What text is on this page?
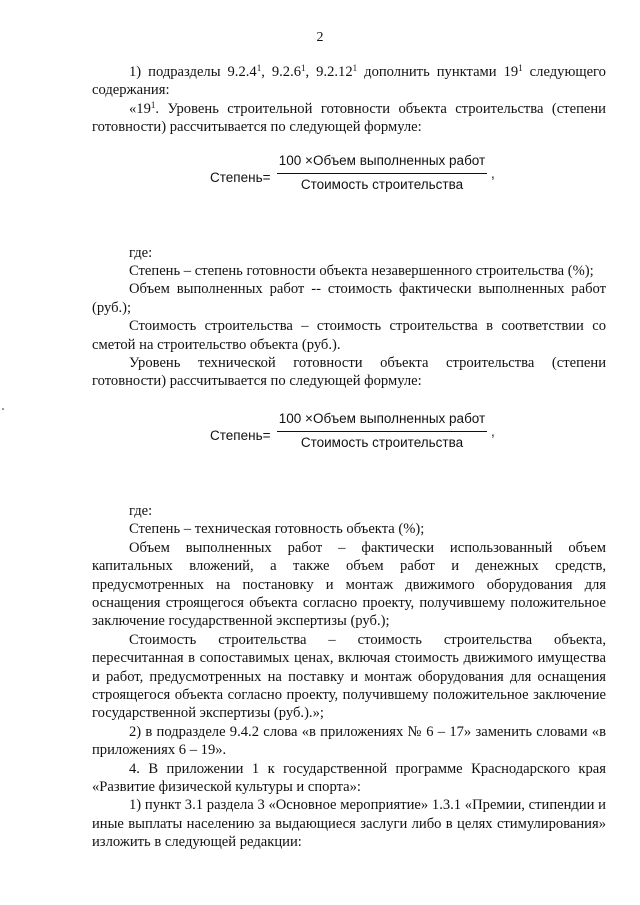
2

1) подразделы 9.2.4$^1$, 9.2.6$^1$, 9.2.12$^1$ дополнить пунктами $19^1$ следующего содержания:

«$19^1$. Уровень строительной готовности объекта строительства (степени готовности) рассчитывается по следующей формуле:

Степень=
100 ×Объем выполненных работ
Стоимость строительства
,

где:

Степень – степень готовности объекта незавершенного строительства (%);

Объем выполненных работ -- стоимость фактически выполненных работ (руб.);

Стоимость строительства – стоимость строительства в соответствии со сметой на строительство объекта (руб.).

Уровень технической готовности объекта строительства (степени готовности) рассчитывается по следующей формуле:

Степень=
100 ×Объем выполненных работ
Стоимость строительства
,

где:

Степень – техническая готовность объекта (%);

Объем выполненных работ – фактически использованный объем капитальных вложений, а также объем работ и денежных средств, предусмотренных на постановку и монтаж движимого оборудования для оснащения строящегося объекта согласно проекту, получившему положительное заключение государственной экспертизы (руб.);

Стоимость строительства – стоимость строительства объекта, пересчитанная в сопоставимых ценах, включая стоимость движимого имущества и работ, предусмотренных на поставку и монтаж оборудования для оснащения строящегося объекта согласно проекту, получившему положительное заключение государственной экспертизы (руб.).»;

2) в подразделе 9.4.2 слова «в приложениях № 6 – 17» заменить словами «в приложениях 6 – 19».

4. В приложении 1 к государственной программе Краснодарского края «Развитие физической культуры и спорта»:

1) пункт 3.1 раздела 3 «Основное мероприятие» 1.3.1 «Премии, стипендии и иные выплаты населению за выдающиеся заслуги либо в целях стимулирования» изложить в следующей редакции:
